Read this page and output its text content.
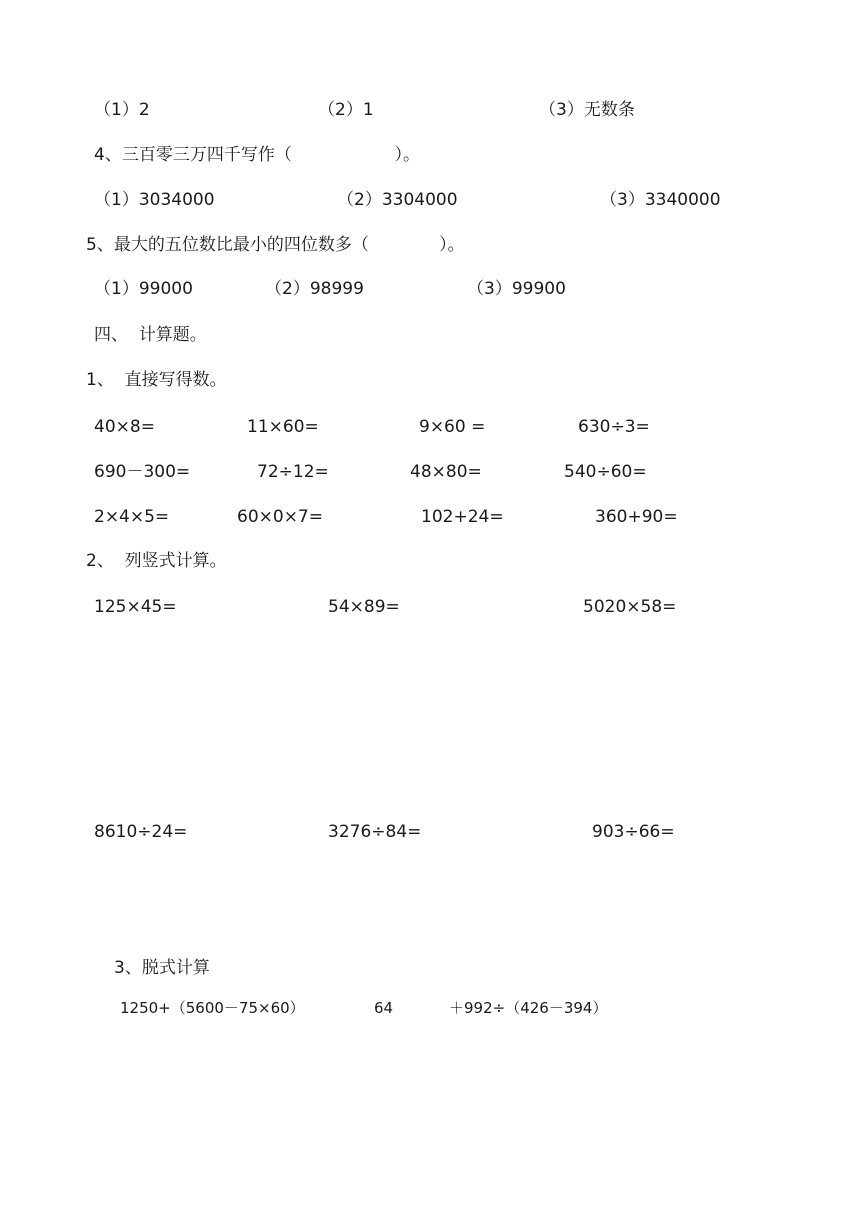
（1）2	（2）1	（3）无数条
4、三百零三万四千写作（                   ）。
（1）3034000	（2）3304000	（3）3340000
5、最大的五位数比最小的四位数多（             ）。
（1）99000	（2）98999	（3）99900
四、  计算题。
1、  直接写得数。
40×8=	11×60=	9×60 =	630÷3=
690－300=	72÷12=	48×80=	540÷60=
2×4×5=	60×0×7=	102+24=	360+90=
2、  列竖式计算。
125×45=	54×89=	5020×58=
8610÷24=	3276÷84=	903÷66=
3、脱式计算
1250+（5600－75×60）	64	＋992÷（426－394）
